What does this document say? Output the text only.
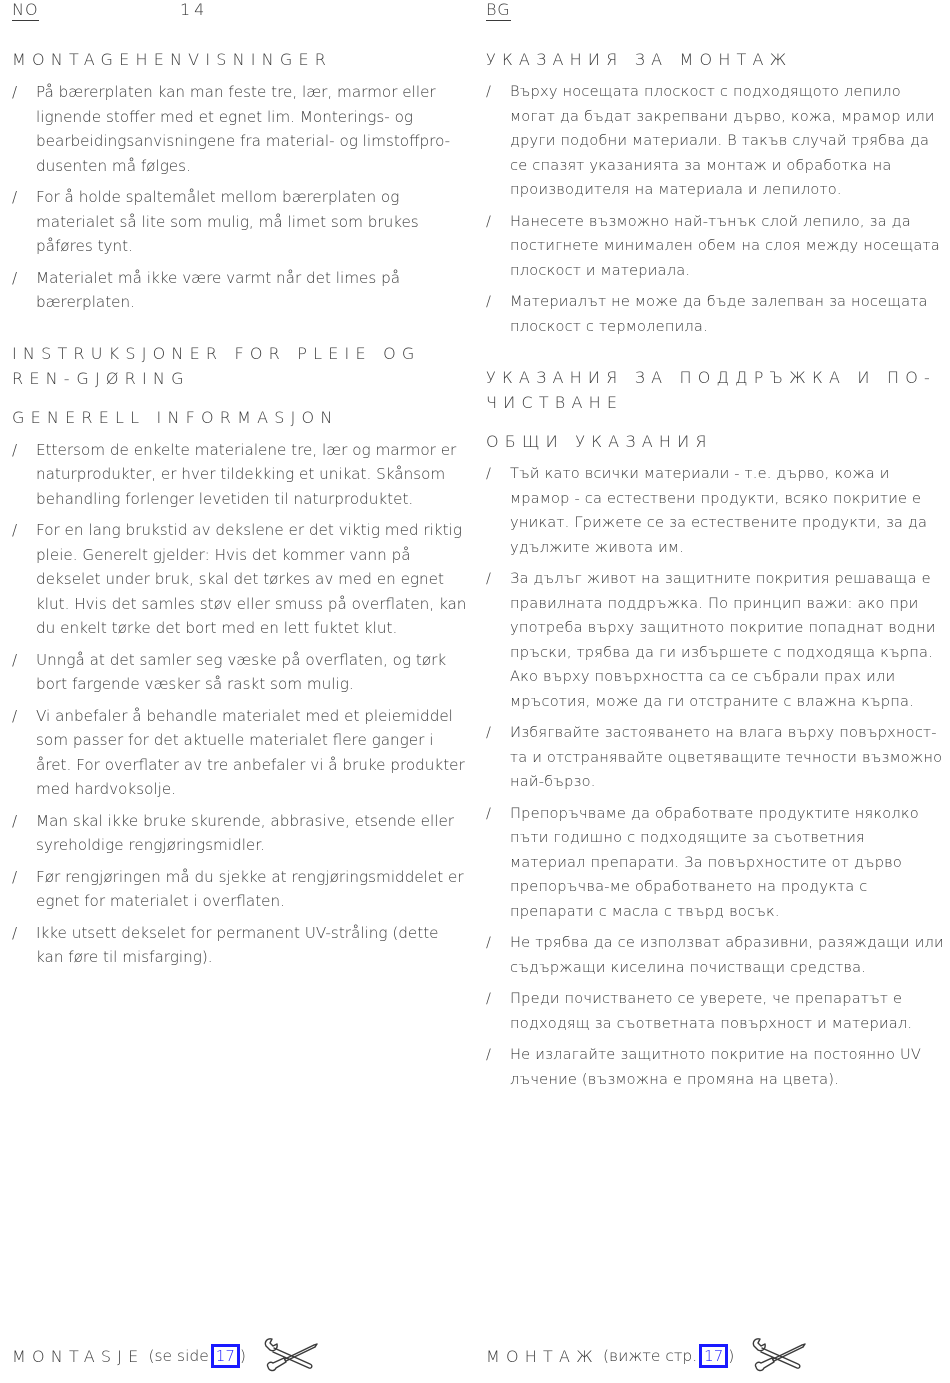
NO	14
MONTAGEHENVISNINGER
/ På bærerplaten kan man feste tre, lær, marmor eller lignende stoffer med et egnet lim. Monterings- og bearbeidingsanvisningene fra material- og limstoffpro-dusenten må følges.
/ For å holde spaltemålet mellom bærerplaten og materialet så lite som mulig, må limet som brukes påføres tynt.
/ Materialet må ikke være varmt når det limes på bærerplaten.
INSTRUKSJONER FOR PLEIE OG REN-GJØRING
GENERELL INFORMASJON
/ Ettersom de enkelte materialene tre, lær og marmor er naturprodukter, er hver tildekking et unikat. Skånsom behandling forlenger levetiden til naturproduktet.
/ For en lang brukstid av dekslene er det viktig med riktig pleie. Generelt gjelder: Hvis det kommer vann på dekselet under bruk, skal det tørkes av med en egnet klut. Hvis det samles støv eller smuss på overflaten, kan du enkelt tørke det bort med en lett fuktet klut.
/ Unngå at det samler seg væske på overflaten, og tørk bort fargende væsker så raskt som mulig.
/ Vi anbefaler å behandle materialet med et pleiemiddel som passer for det aktuelle materialet flere ganger i året. For overflater av tre anbefaler vi å bruke produkter med hardvoksolje.
/ Man skal ikke bruke skurende, abbrasive, etsende eller syreholdige rengjøringsmidler.
/ Før rengjøringen må du sjekke at rengjøringsmiddelet er egnet for materialet i overflaten.
/ Ikke utsett dekselet for permanent UV-stråling (dette kan føre til misfarging).
MONTASJE (se side 17 )
BG
УКАЗАНИЯ ЗА МОНТАЖ
/ Върху носещата плоскост с подходящото лепило могат да бъдат закрепвани дърво, кожа, мрамор или други подобни материали. В такъв случай трябва да се спазят указанията за монтаж и обработка на производителя на материала и лепилото.
/ Нанесете възможно най-тънък слой лепило, за да постигнете минимален обем на слоя между носещата плоскост и материала.
/ Материалът не може да бъде залепван за носещата плоскост с термолепила.
УКАЗАНИЯ ЗА ПОДДРЪЖКА И ПО-ЧИСТВАНЕ
ОБЩИ УКАЗАНИЯ
/ Тъй като всички материали - т.е. дърво, кожа и мрамор - са естествени продукти, всяко покритие е уникат. Грижете се за естествените продукти, за да удължите живота им.
/ За дълъг живот на защитните покрития решаваща е правилната поддръжка. По принцип важи: ако при употреба върху защитното покритие попаднат водни пръски, трябва да ги избършете с подходяща кърпа. Ако върху повърхността са се събрали прах или мръсотия, може да ги отстраните с влажна кърпа.
/ Избягвайте застояването на влага върху повърхност-та и отстранявайте оцветяващите течности възможно най-бързо.
/ Препоръчваме да обработвате продуктите няколко пъти годишно с подходящите за съответния материал препарати. За повърхностите от дърво препоръчва-ме обработването на продукта с препарати с масла с твърд восък.
/ Не трябва да се използват абразивни, разяждащи или съдържащи киселина почистващи средства.
/ Преди почистването се уверете, че препаратът е подходящ за съответната повърхност и материал.
/ Не излагайте защитното покритие на постоянно UV лъчение (възможна е промяна на цвета).
МОНТАЖ (вижте стр. 17 )
